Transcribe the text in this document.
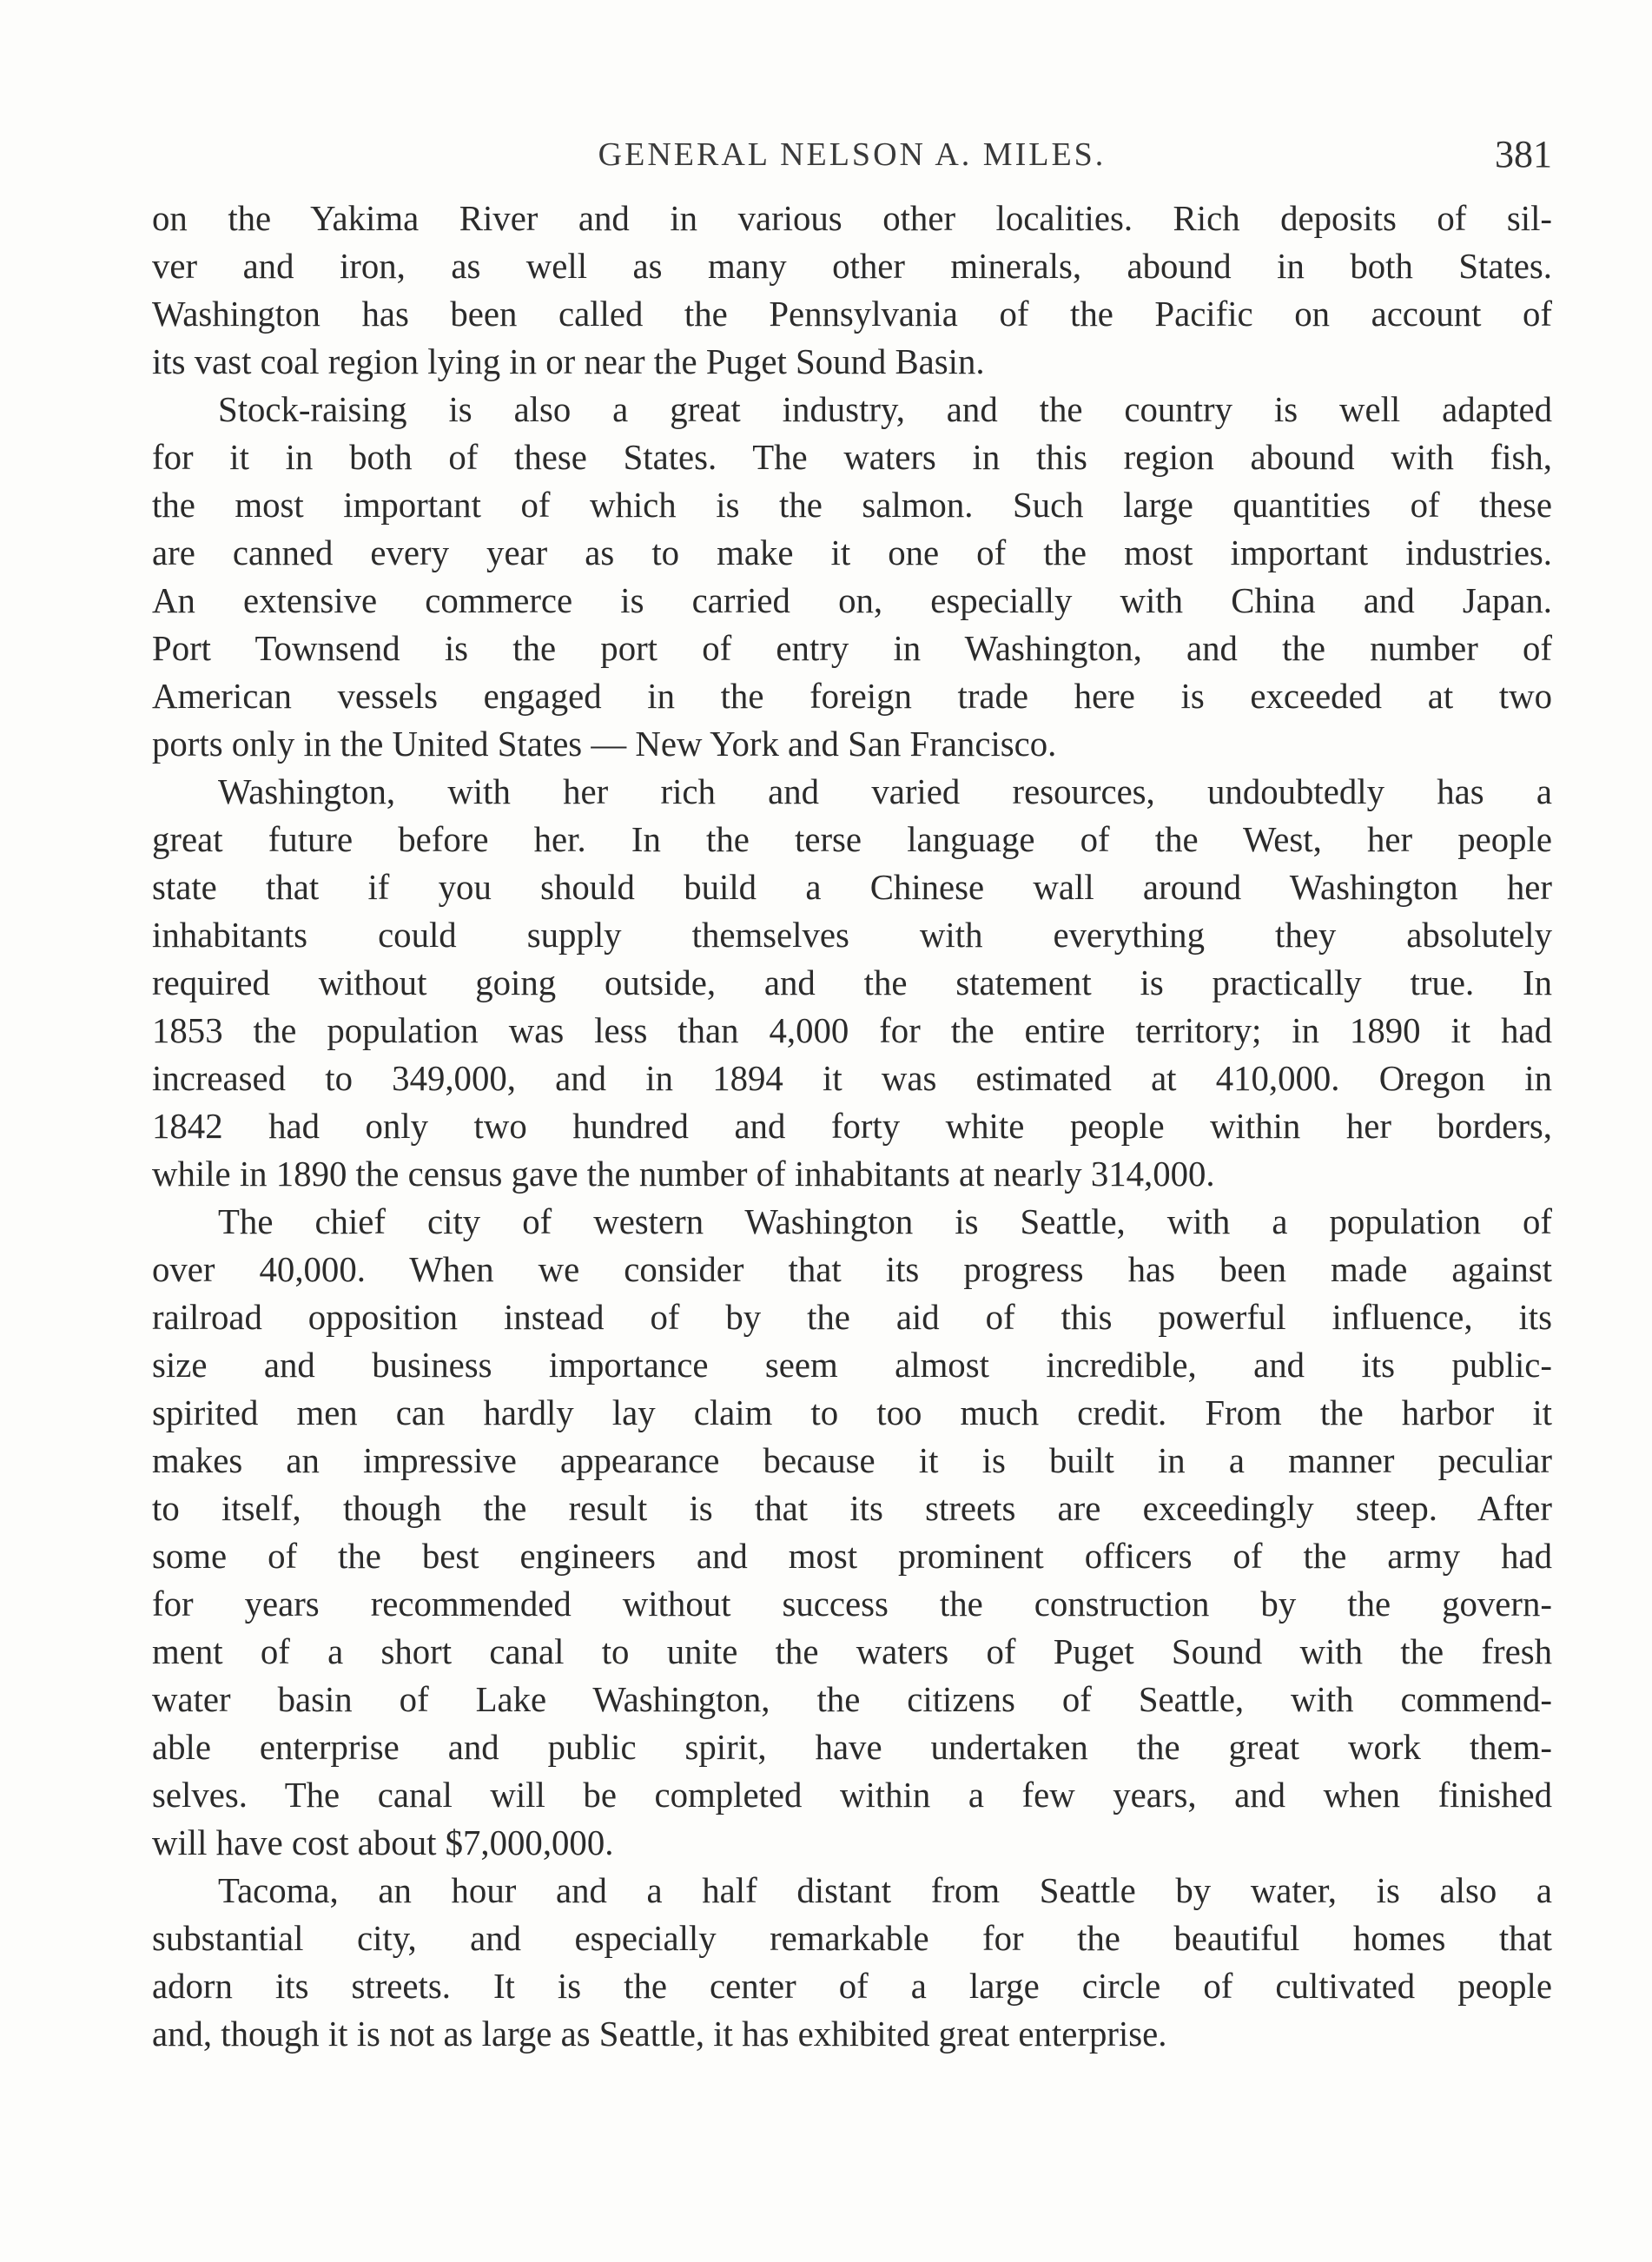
GENERAL NELSON A. MILES.	381
on the Yakima River and in various other localities. Rich deposits of sil-
ver and iron, as well as many other minerals, abound in both States.
Washington has been called the Pennsylvania of the Pacific on account of
its vast coal region lying in or near the Puget Sound Basin.
Stock-raising is also a great industry, and the country is well adapted
for it in both of these States. The waters in this region abound with fish,
the most important of which is the salmon. Such large quantities of these
are canned every year as to make it one of the most important industries.
An extensive commerce is carried on, especially with China and Japan.
Port Townsend is the port of entry in Washington, and the number of
American vessels engaged in the foreign trade here is exceeded at two
ports only in the United States — New York and San Francisco.
Washington, with her rich and varied resources, undoubtedly has a
great future before her. In the terse language of the West, her people
state that if you should build a Chinese wall around Washington her
inhabitants could supply themselves with everything they absolutely
required without going outside, and the statement is practically true. In
1853 the population was less than 4,000 for the entire territory; in 1890 it had
increased to 349,000, and in 1894 it was estimated at 410,000. Oregon in
1842 had only two hundred and forty white people within her borders,
while in 1890 the census gave the number of inhabitants at nearly 314,000.
The chief city of western Washington is Seattle, with a population of
over 40,000. When we consider that its progress has been made against
railroad opposition instead of by the aid of this powerful influence, its
size and business importance seem almost incredible, and its public-
spirited men can hardly lay claim to too much credit. From the harbor it
makes an impressive appearance because it is built in a manner peculiar
to itself, though the result is that its streets are exceedingly steep. After
some of the best engineers and most prominent officers of the army had
for years recommended without success the construction by the govern-
ment of a short canal to unite the waters of Puget Sound with the fresh
water basin of Lake Washington, the citizens of Seattle, with commend-
able enterprise and public spirit, have undertaken the great work them-
selves. The canal will be completed within a few years, and when finished
will have cost about $7,000,000.
Tacoma, an hour and a half distant from Seattle by water, is also a
substantial city, and especially remarkable for the beautiful homes that
adorn its streets. It is the center of a large circle of cultivated people
and, though it is not as large as Seattle, it has exhibited great enterprise.
